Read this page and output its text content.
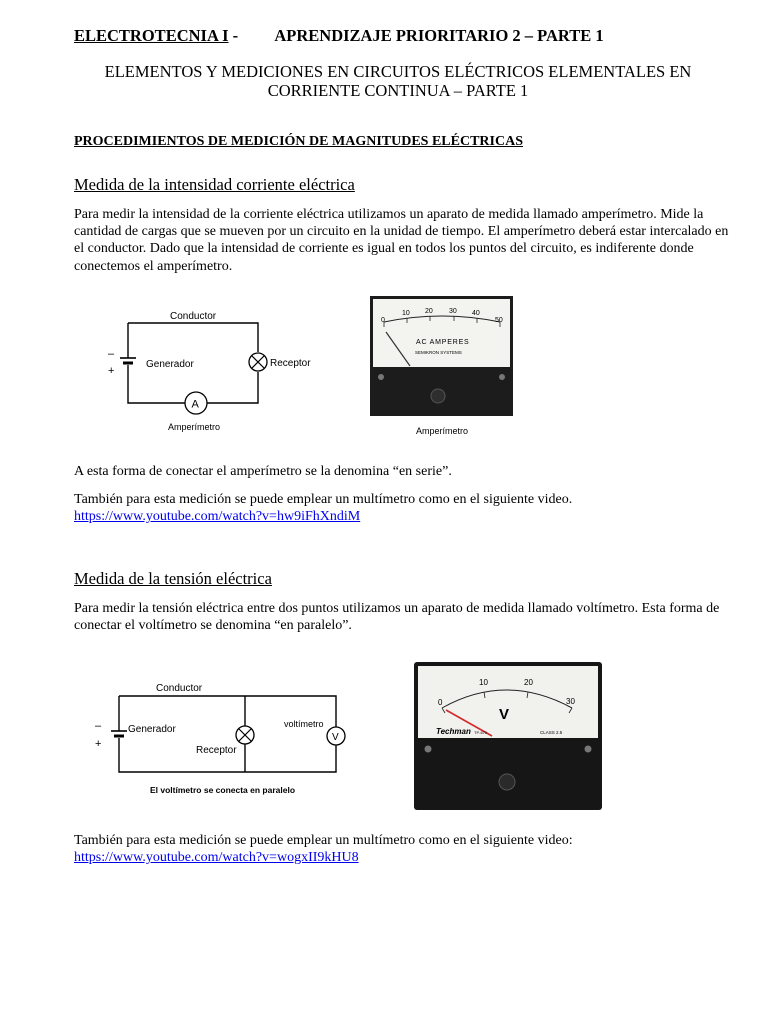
ELECTROTECNIA I -         APRENDIZAJE PRIORITARIO 2 – PARTE 1
ELEMENTOS Y MEDICIONES EN CIRCUITOS ELÉCTRICOS ELEMENTALES EN CORRIENTE CONTINUA – PARTE 1
PROCEDIMIENTOS DE MEDICIÓN DE MAGNITUDES ELÉCTRICAS
Medida de la intensidad corriente eléctrica
Para medir la intensidad de la corriente eléctrica utilizamos un aparato de medida llamado amperímetro. Mide la cantidad de cargas que se mueven por un circuito en la unidad de tiempo. El amperímetro deberá estar intercalado en el conductor. Dado que la intensidad de corriente es igual en todos los puntos del circuito, es indiferente donde conectemos el amperímetro.
Conductor
–
+
Generador	Receptor
A
Amperímetro
0
10 20 30 40
50
AC AMPERES
SEMIKRON SYSTEMS
Amperímetro
A esta forma de conectar el amperímetro se la denomina “en serie”.

También para esta medición se puede emplear un multímetro como en el siguiente video.

https://www.youtube.com/watch?v=hw9iFhXndiM

Medida de la tensión eléctrica
Para medir la tensión eléctrica entre dos puntos utilizamos un aparato de medida llamado voltímetro. Esta forma de conectar el voltímetro se denomina “en paralelo”.
Conductor
–
+
Generador
Receptor
voltímetro
V
El voltímetro se conecta en paralelo
0
10	20
30
V
Techman TP-670	CLASS 2.5

También para esta medición se puede emplear un multímetro como en el siguiente video:

https://www.youtube.com/watch?v=wogxII9kHU8
